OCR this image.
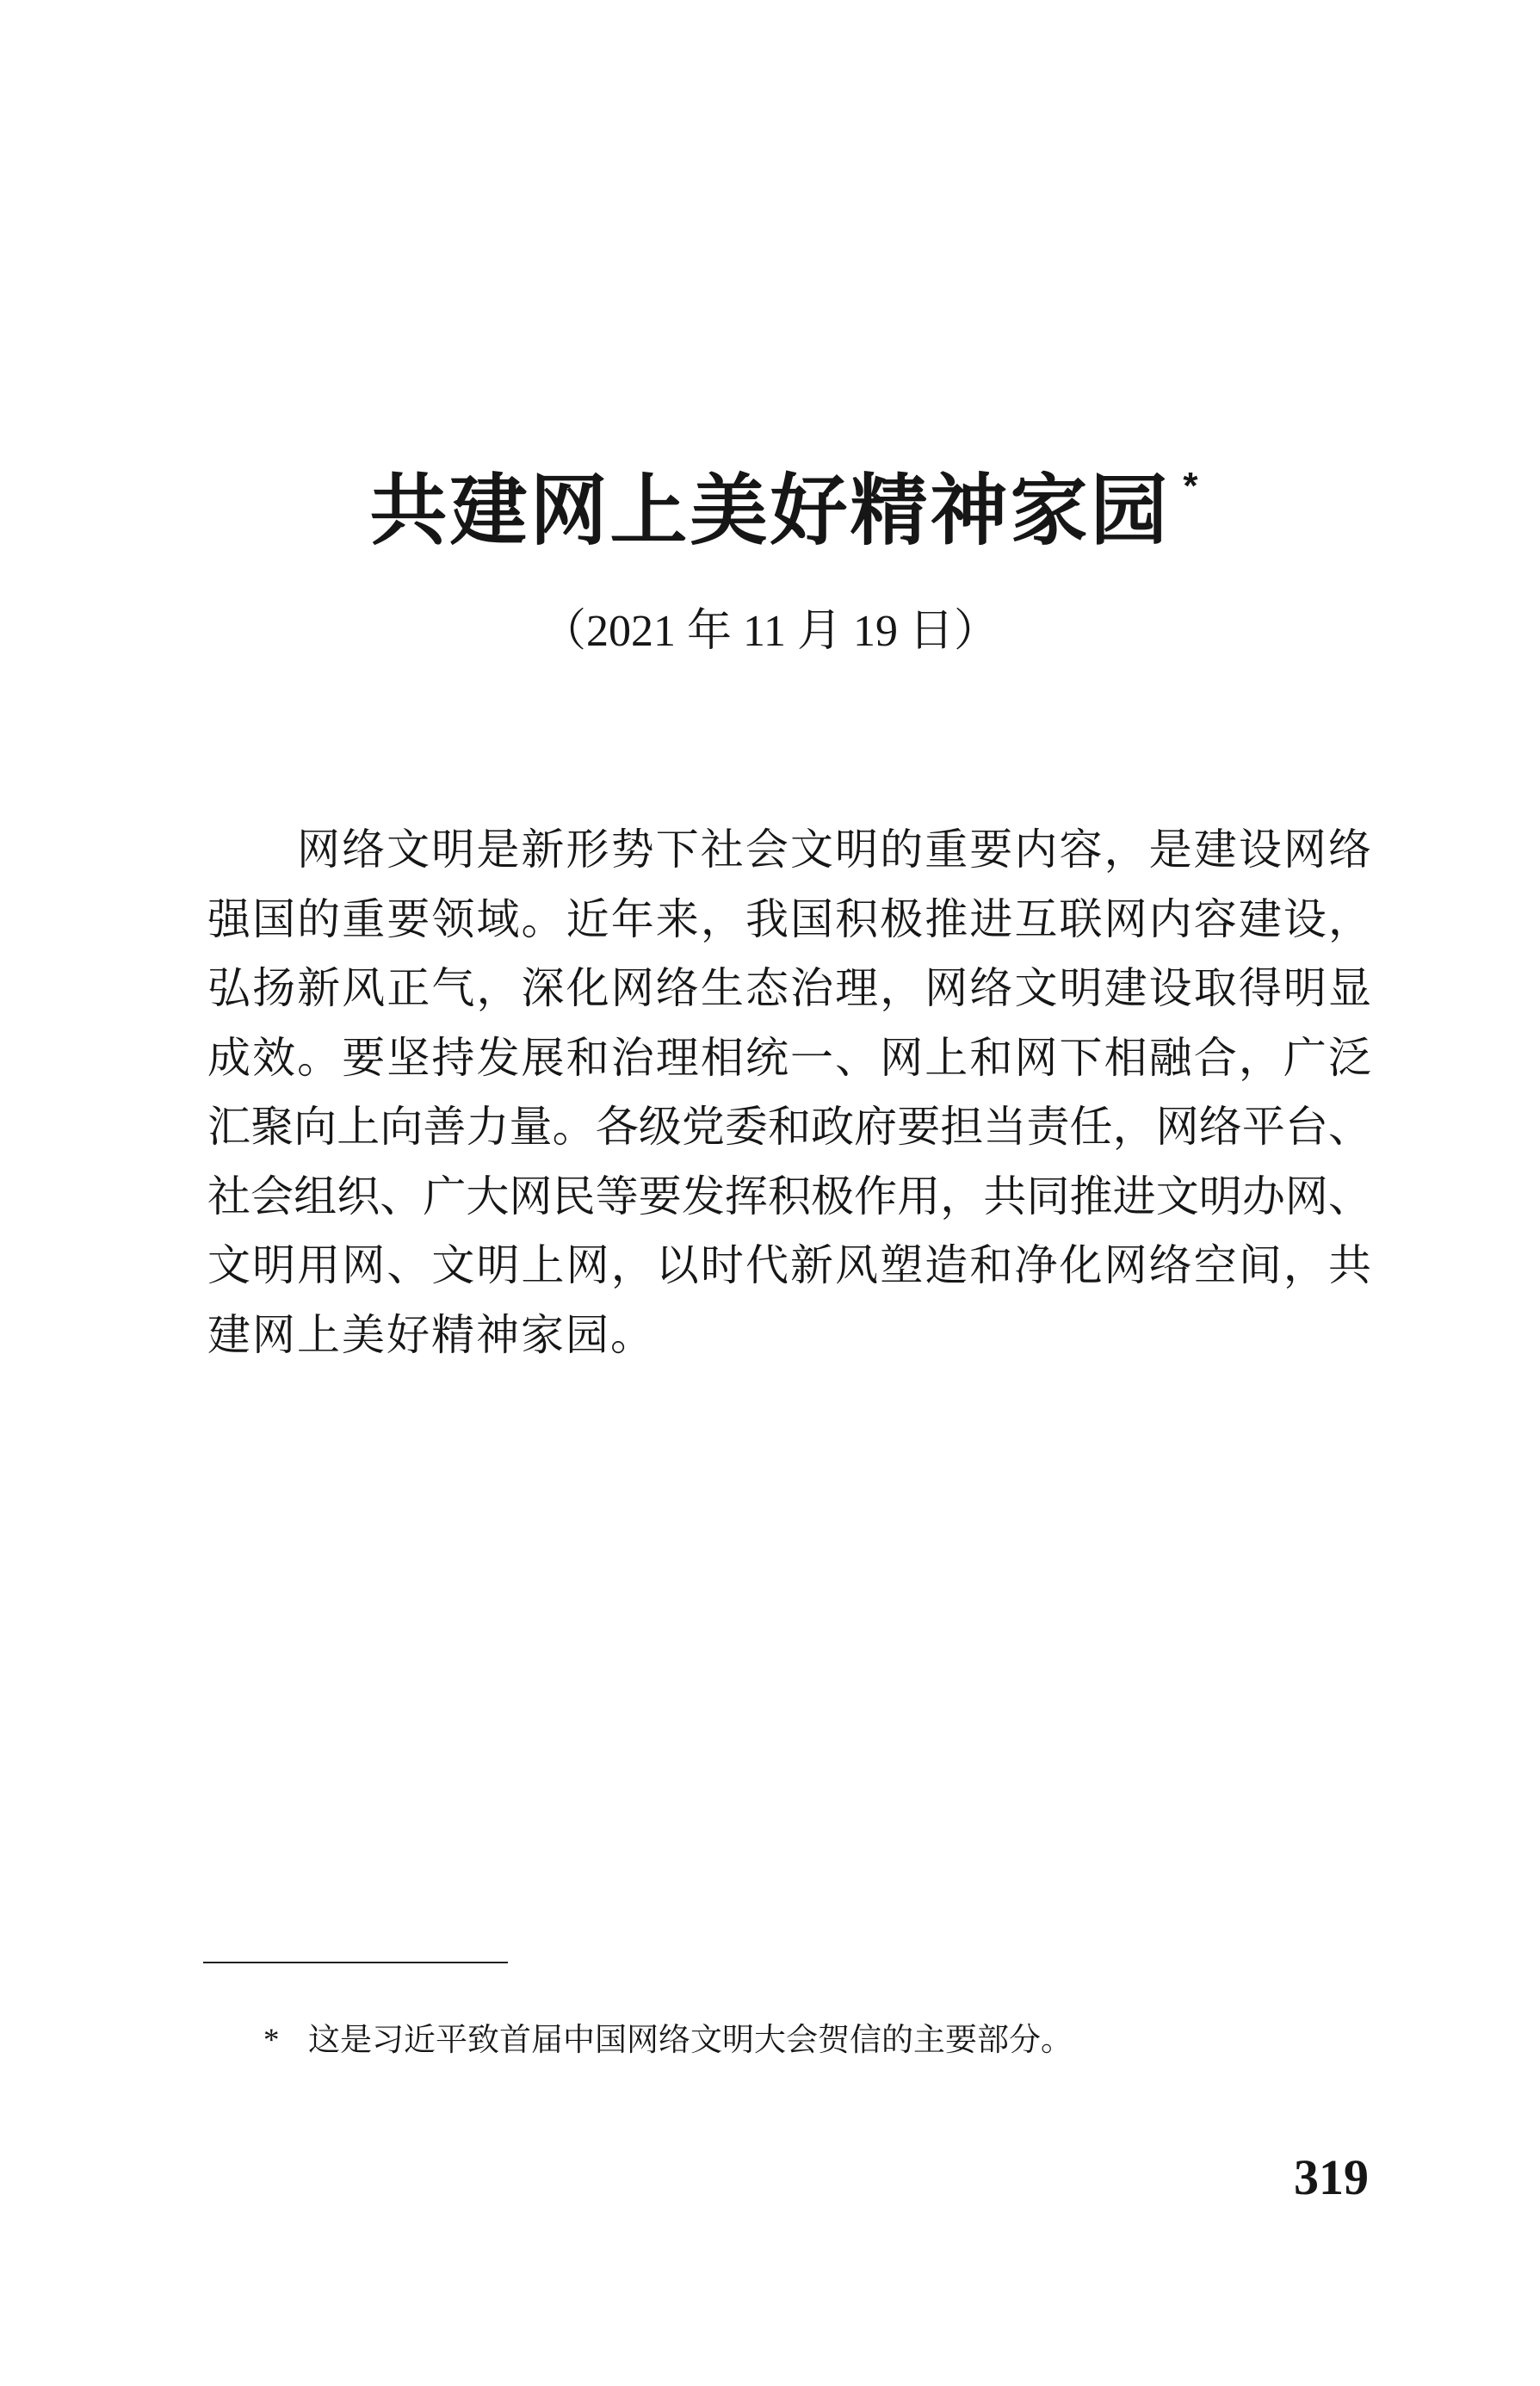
共建网上美好精神家园 *
（2021 年 11 月 19 日）
网络文明是新形势下社会文明的重要内容，是建设网络
强国的重要领域。近年来，我国积极推进互联网内容建设，
弘扬新风正气，深化网络生态治理，网络文明建设取得明显
成效。要坚持发展和治理相统一、网上和网下相融合，广泛
汇聚向上向善力量。各级党委和政府要担当责任，网络平台、
社会组织、广大网民等要发挥积极作用，共同推进文明办网、
文明用网、文明上网，以时代新风塑造和净化网络空间，共
建网上美好精神家园。
* 这是习近平致首届中国网络文明大会贺信的主要部分。
319
